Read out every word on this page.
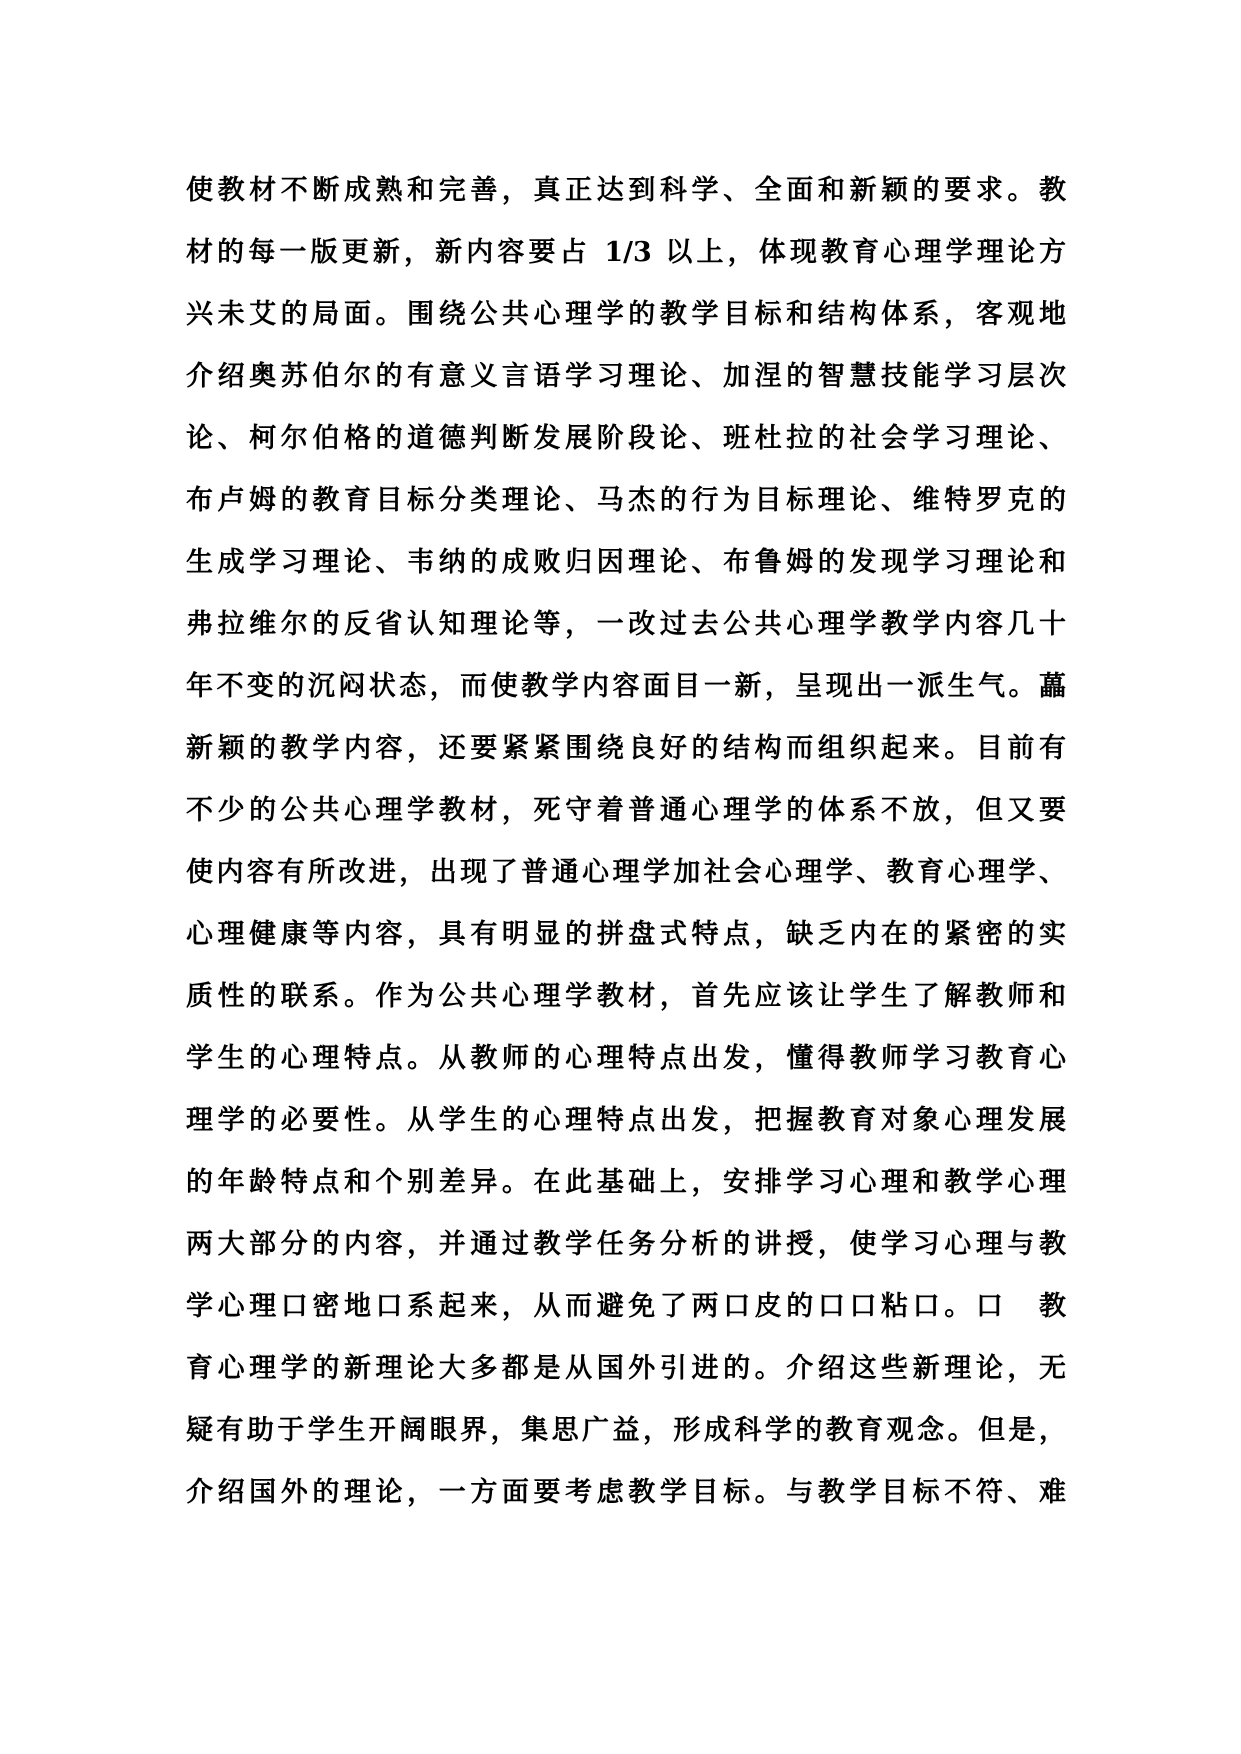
使教材不断成熟和完善，真正达到科学、全面和新颖的要求。教
材的每一版更新，新内容要占 1/3 以上，体现教育心理学理论方
兴未艾的局面。围绕公共心理学的教学目标和结构体系，客观地
介绍奥苏伯尔的有意义言语学习理论、加涅的智慧技能学习层次
论、柯尔伯格的道德判断发展阶段论、班杜拉的社会学习理论、
布卢姆的教育目标分类理论、马杰的行为目标理论、维特罗克的
生成学习理论、韦纳的成败归因理论、布鲁姆的发现学习理论和
弗拉维尔的反省认知理论等，一改过去公共心理学教学内容几十
年不变的沉闷状态，而使教学内容面目一新，呈现出一派生气。藟
新颖的教学内容，还要紧紧围绕良好的结构而组织起来。目前有
不少的公共心理学教材，死守着普通心理学的体系不放，但又要
使内容有所改进，出现了普通心理学加社会心理学、教育心理学、
心理健康等内容，具有明显的拼盘式特点，缺乏内在的紧密的实
质性的联系。作为公共心理学教材，首先应该让学生了解教师和
学生的心理特点。从教师的心理特点出发，懂得教师学习教育心
理学的必要性。从学生的心理特点出发，把握教育对象心理发展
的年龄特点和个别差异。在此基础上，安排学习心理和教学心理
两大部分的内容，并通过教学任务分析的讲授，使学习心理与教
学心理口密地口系起来，从而避免了两口皮的口口粘口。口　教
育心理学的新理论大多都是从国外引进的。介绍这些新理论，无
疑有助于学生开阔眼界，集思广益，形成科学的教育观念。但是，
介绍国外的理论，一方面要考虑教学目标。与教学目标不符、难
